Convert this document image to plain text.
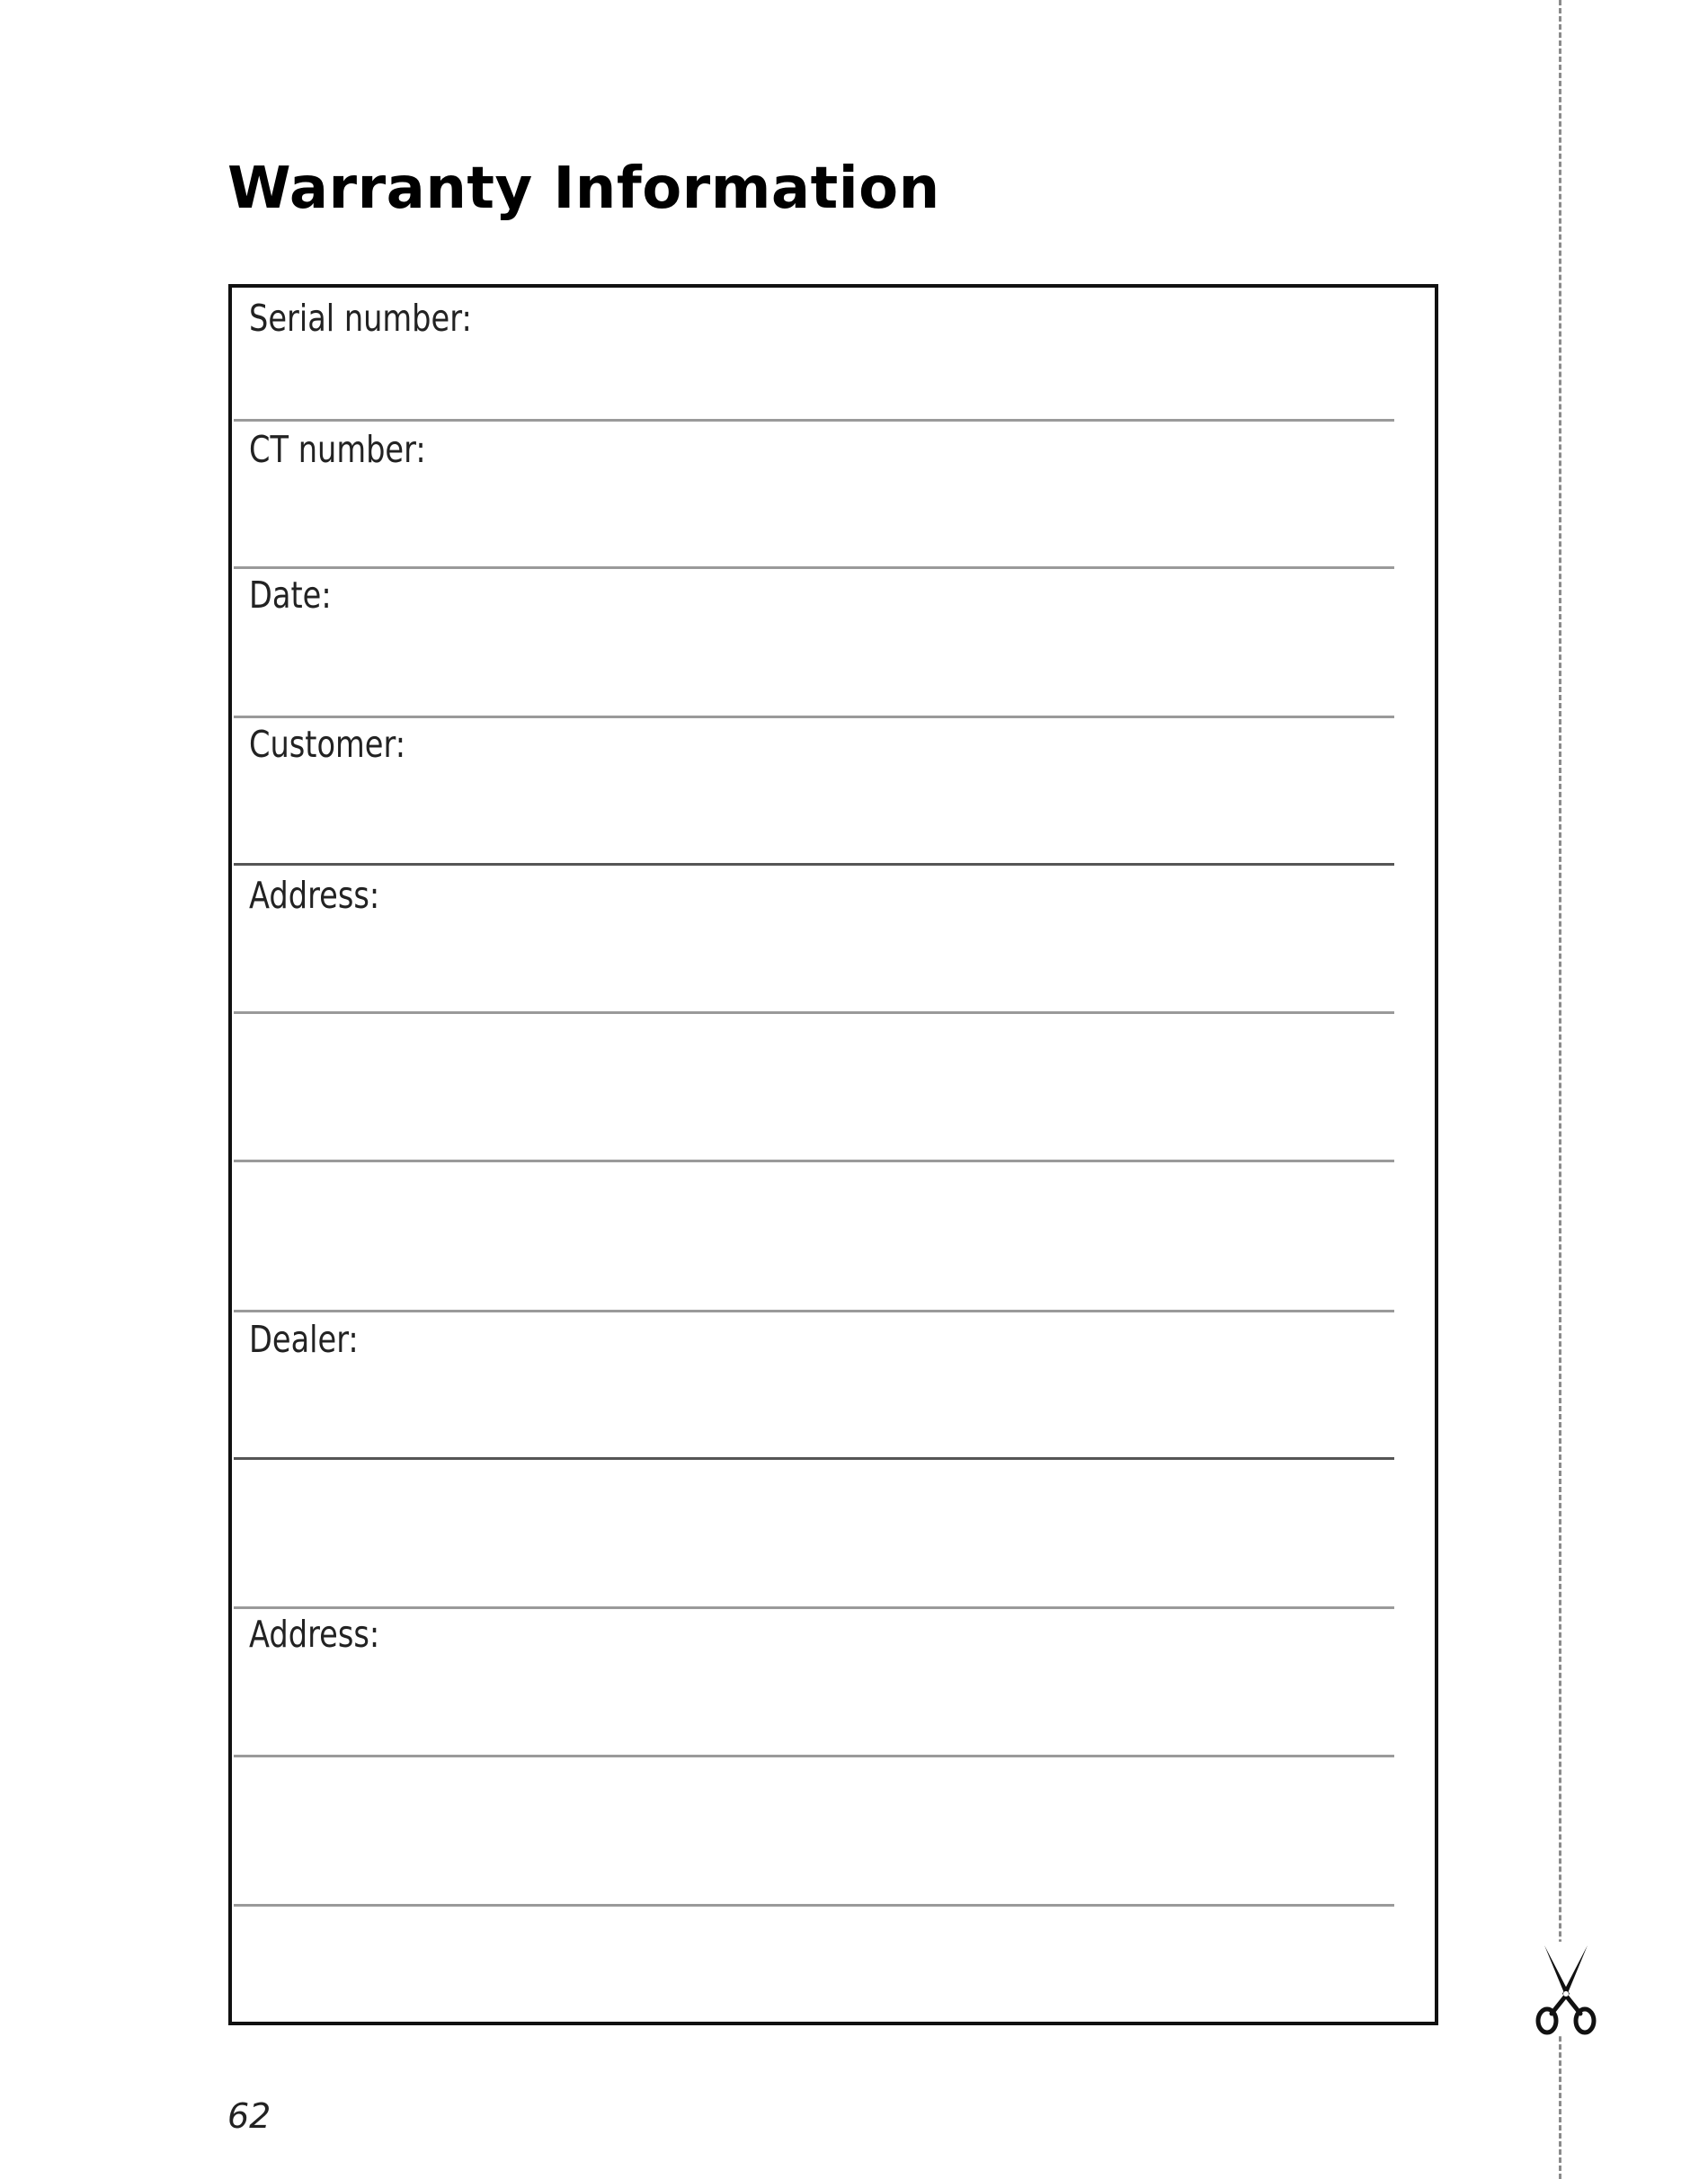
Warranty Information
Serial number:
CT number:
Date:
Customer:
Address:
Dealer:
Address:
62
